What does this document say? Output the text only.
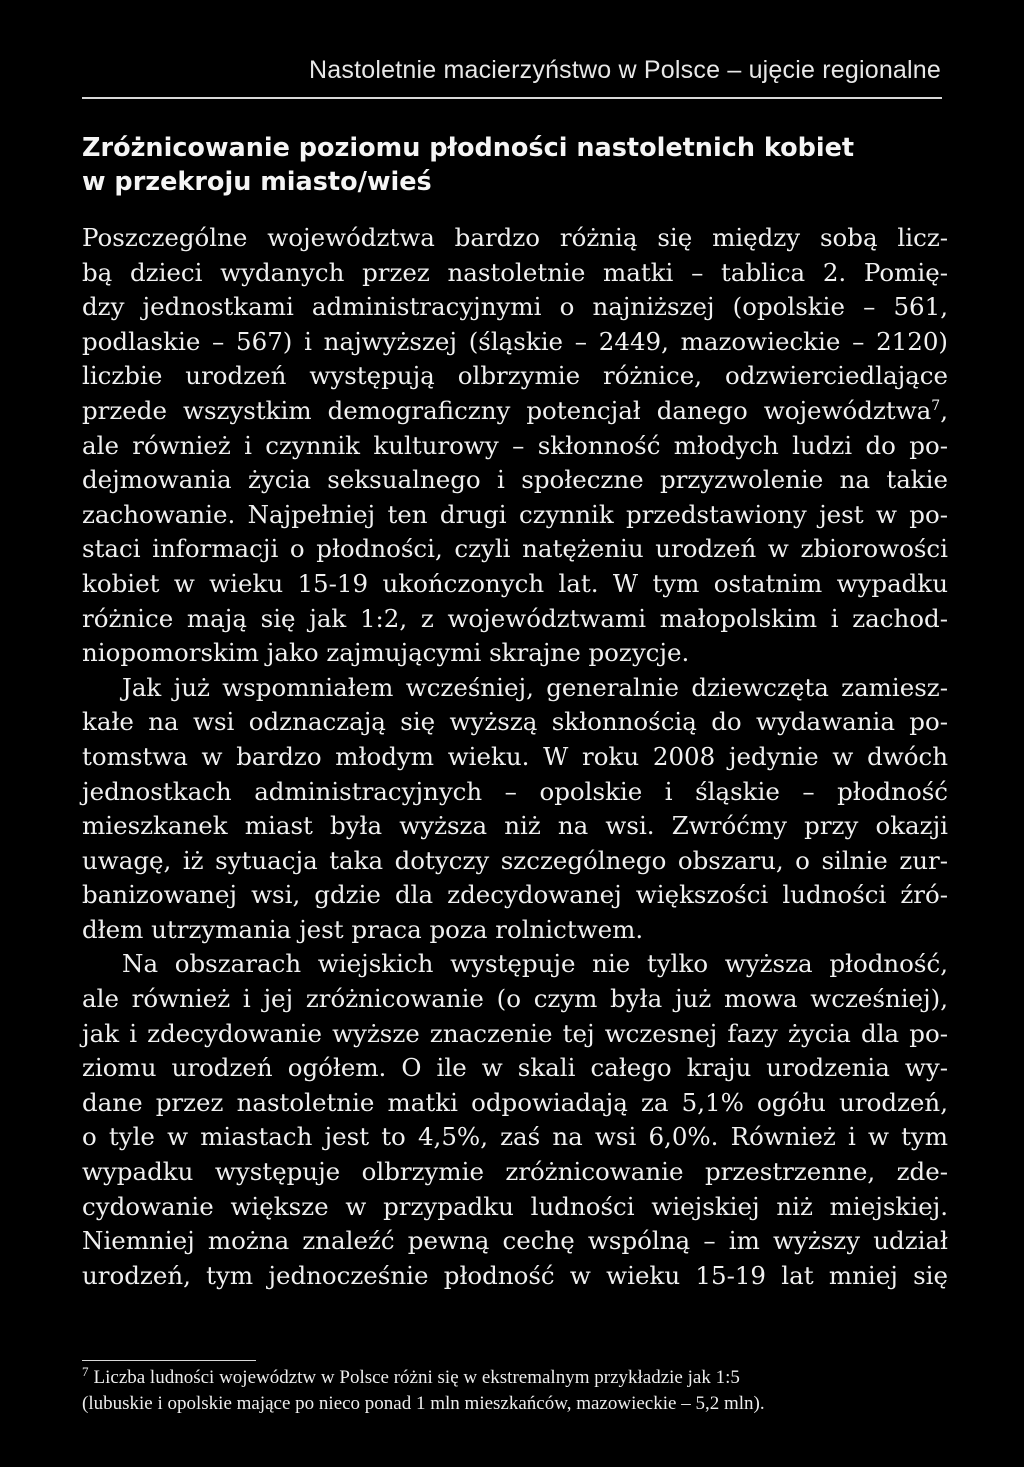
Nastoletnie macierzyństwo w Polsce – ujęcie regionalne
Zróżnicowanie poziomu płodności nastoletnich kobiet
w przekroju miasto/wieś
Poszczególne województwa bardzo różnią się między sobą licz-
bą dzieci wydanych przez nastoletnie matki – tablica 2. Pomię-
dzy jednostkami administracyjnymi o najniższej (opolskie – 561,
podlaskie – 567) i najwyższej (śląskie – 2449, mazowieckie – 2120)
liczbie urodzeń występują olbrzymie różnice, odzwierciedlające
przede wszystkim demograficzny potencjał danego województwa$^7$,
ale również i czynnik kulturowy – skłonność młodych ludzi do po-
dejmowania życia seksualnego i społeczne przyzwolenie na takie
zachowanie. Najpełniej ten drugi czynnik przedstawiony jest w po-
staci informacji o płodności, czyli natężeniu urodzeń w zbiorowości
kobiet w wieku 15-19 ukończonych lat. W tym ostatnim wypadku
różnice mają się jak 1:2, z województwami małopolskim i zachod-
niopomorskim jako zajmującymi skrajne pozycje.
Jak już wspomniałem wcześniej, generalnie dziewczęta zamiesz-
kałe na wsi odznaczają się wyższą skłonnością do wydawania po-
tomstwa w bardzo młodym wieku. W roku 2008 jedynie w dwóch
jednostkach administracyjnych – opolskie i śląskie – płodność
mieszkanek miast była wyższa niż na wsi. Zwróćmy przy okazji
uwagę, iż sytuacja taka dotyczy szczególnego obszaru, o silnie zur-
banizowanej wsi, gdzie dla zdecydowanej większości ludności źró-
dłem utrzymania jest praca poza rolnictwem.
Na obszarach wiejskich występuje nie tylko wyższa płodność,
ale również i jej zróżnicowanie (o czym była już mowa wcześniej),
jak i zdecydowanie wyższe znaczenie tej wczesnej fazy życia dla po-
ziomu urodzeń ogółem. O ile w skali całego kraju urodzenia wy-
dane przez nastoletnie matki odpowiadają za 5,1% ogółu urodzeń,
o tyle w miastach jest to 4,5%, zaś na wsi 6,0%. Również i w tym
wypadku występuje olbrzymie zróżnicowanie przestrzenne, zde-
cydowanie większe w przypadku ludności wiejskiej niż miejskiej.
Niemniej można znaleźć pewną cechę wspólną – im wyższy udział
urodzeń, tym jednocześnie płodność w wieku 15-19 lat mniej się
$^7$ Liczba ludności województw w Polsce różni się w ekstremalnym przykładzie jak 1:5
(lubuskie i opolskie mające po nieco ponad 1 mln mieszkańców, mazowieckie – 5,2 mln).
